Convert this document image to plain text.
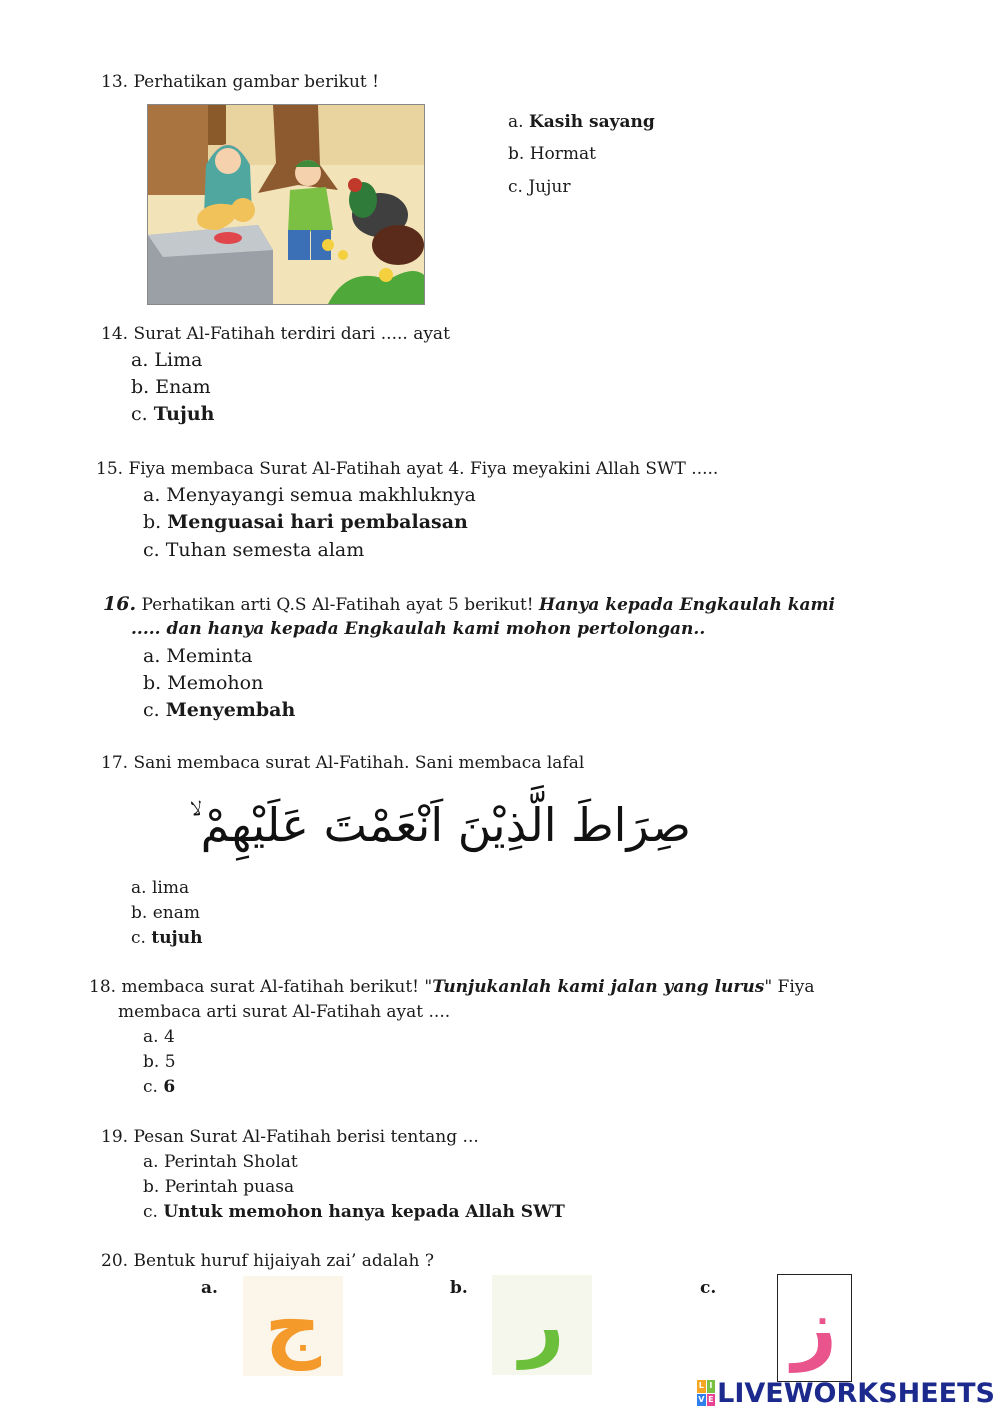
13. Perhatikan gambar berikut !
a. Kasih sayang
b. Hormat
c. Jujur
14. Surat Al-Fatihah terdiri dari ..... ayat
a. Lima
b. Enam
c. Tujuh
15. Fiya membaca Surat Al-Fatihah ayat 4. Fiya meyakini Allah SWT .....
a. Menyayangi semua makhluknya
b. Menguasai hari pembalasan
c. Tuhan semesta alam
16. Perhatikan arti Q.S Al-Fatihah ayat 5 berikut! Hanya kepada Engkaulah kami
..... dan hanya kepada Engkaulah kami mohon pertolongan..
a. Meminta
b. Memohon
c. Menyembah
17. Sani membaca surat Al-Fatihah. Sani membaca lafal
صِرَاطَ الَّذِيْنَ اَنْعَمْتَ عَلَيْهِمْ ۙ
a. lima
b. enam
c. tujuh
18. membaca surat Al-fatihah berikut! "Tunjukanlah kami jalan yang lurus" Fiya
membaca arti surat Al-Fatihah ayat ....
a. 4
b. 5
c. 6
19. Pesan Surat Al-Fatihah berisi tentang ...
a. Perintah Sholat
b. Perintah puasa
c. Untuk memohon hanya kepada Allah SWT
20. Bentuk huruf hijaiyah zai’ adalah ?
a. ج	b. ر	c. ز
L I
V E LIVEWORKSHEETS
